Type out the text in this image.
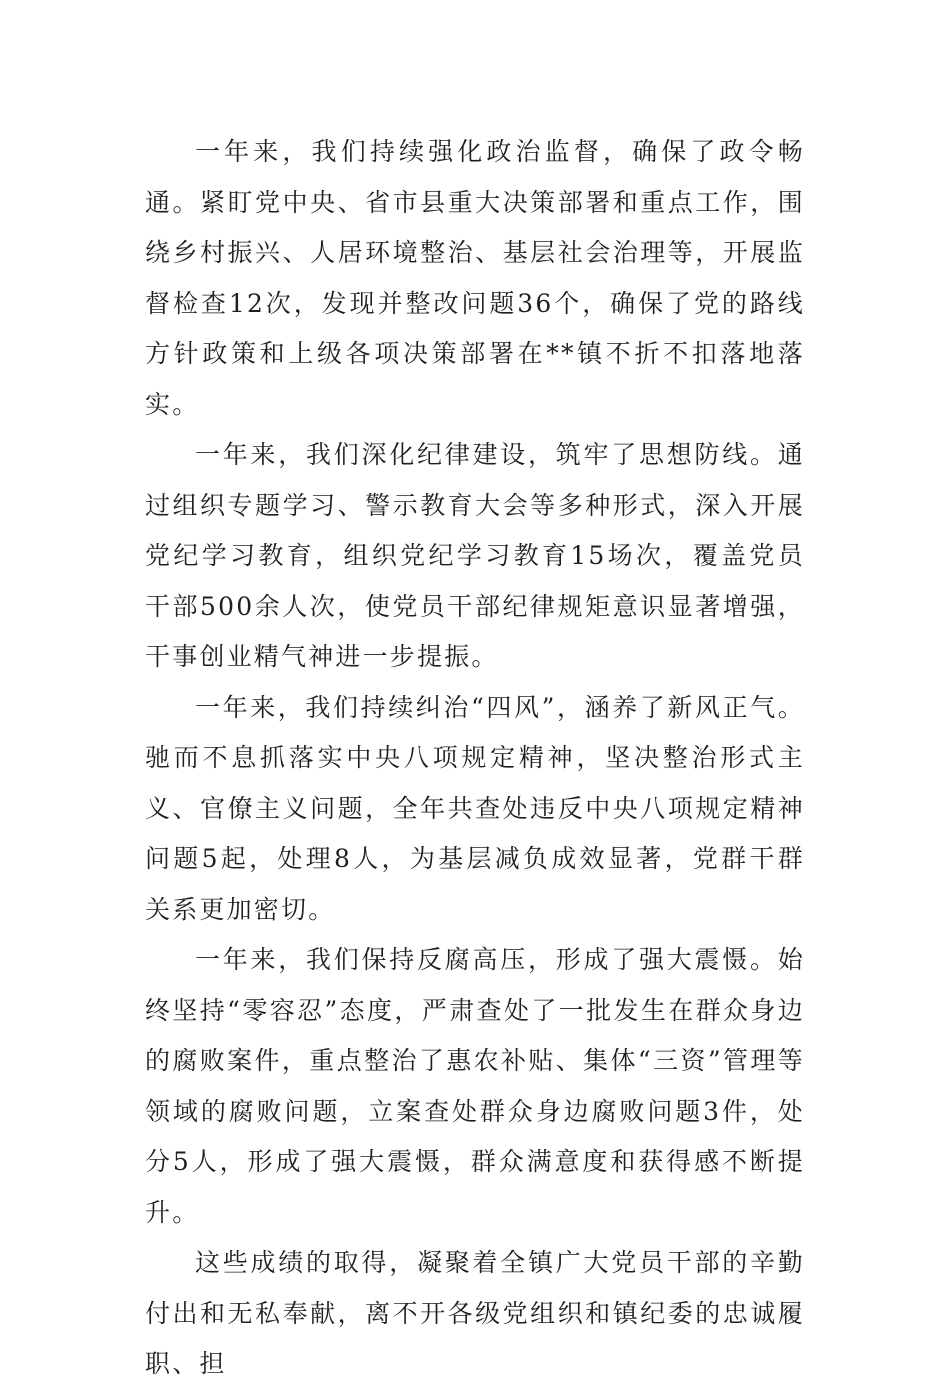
一年来，我们持续强化政治监督，确保了政令畅通。紧盯党中央、省市县重大决策部署和重点工作，围绕乡村振兴、人居环境整治、基层社会治理等，开展监督检查12次，发现并整改问题36个，确保了党的路线方针政策和上级各项决策部署在**镇不折不扣落地落实。

一年来，我们深化纪律建设，筑牢了思想防线。通过组织专题学习、警示教育大会等多种形式，深入开展党纪学习教育，组织党纪学习教育15场次，覆盖党员干部500余人次，使党员干部纪律规矩意识显著增强，干事创业精气神进一步提振。

一年来，我们持续纠治“四风”，涵养了新风正气。驰而不息抓落实中央八项规定精神，坚决整治形式主义、官僚主义问题，全年共查处违反中央八项规定精神问题5起，处理8人，为基层减负成效显著，党群干群关系更加密切。

一年来，我们保持反腐高压，形成了强大震慑。始终坚持“零容忍”态度，严肃查处了一批发生在群众身边的腐败案件，重点整治了惠农补贴、集体“三资”管理等领域的腐败问题，立案查处群众身边腐败问题3件，处分5人，形成了强大震慑，群众满意度和获得感不断提升。

这些成绩的取得，凝聚着全镇广大党员干部的辛勤付出和无私奉献，离不开各级党组织和镇纪委的忠诚履职、担
